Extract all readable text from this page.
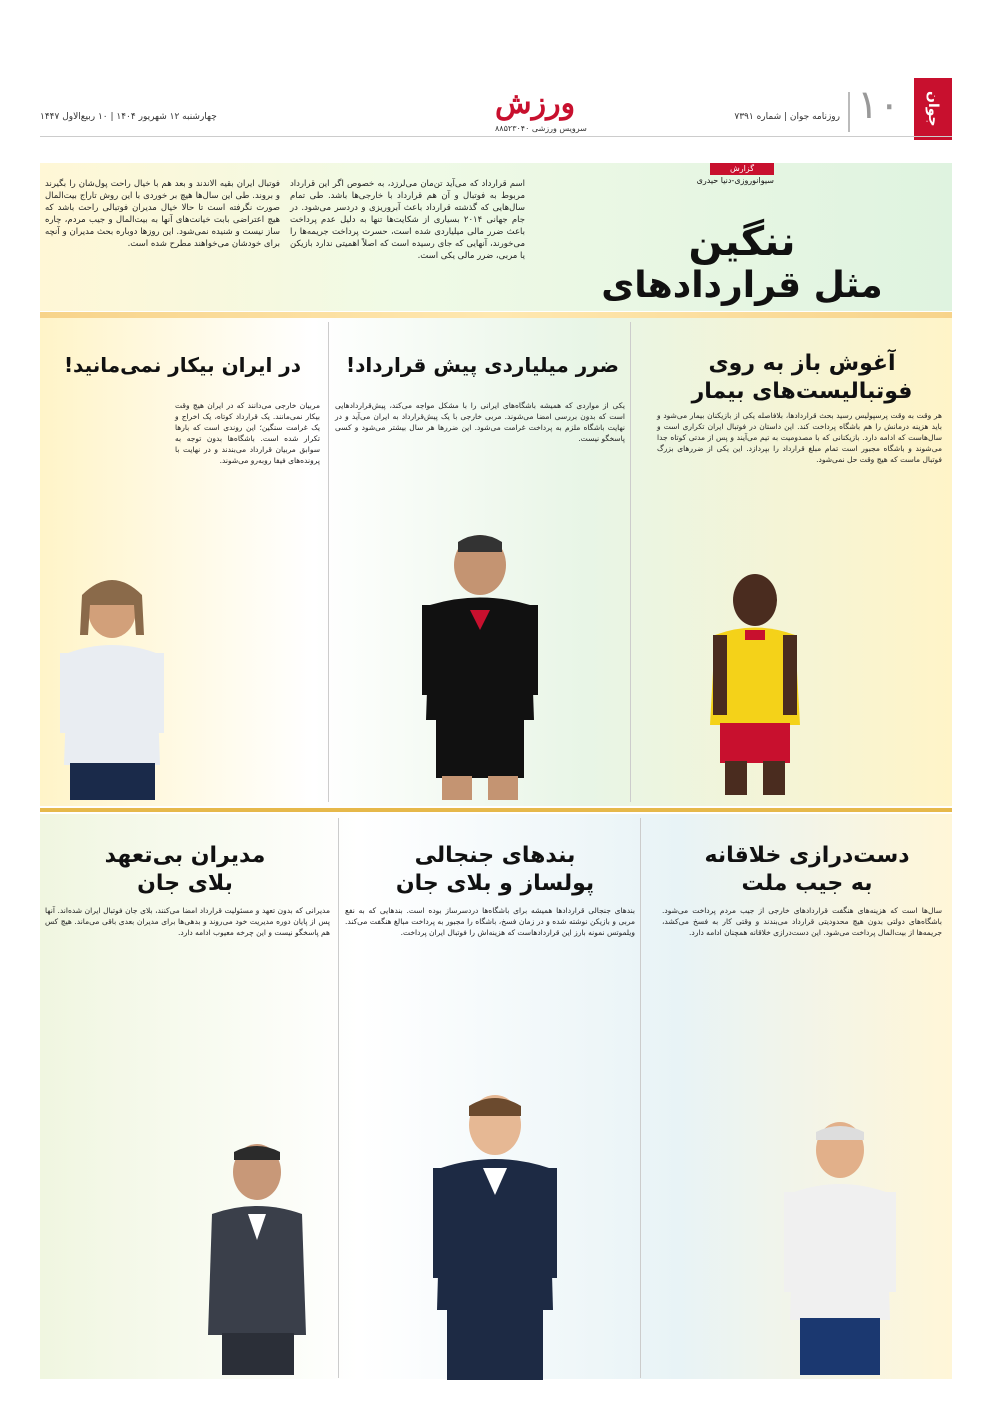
جوان
۱۰
روزنامه جوان | شماره ۷۳۹۱
ورزش
سرویس ورزشی ۸۸۵۲۳۰۴۰
چهارشنبه ۱۲ شهریور ۱۴۰۴ | ۱۰ ربیع‌الاول ۱۴۴۷
گزارش
سیوانوروزی-دنیا حیدری
ننگین
مثل قراردادهای
اسم قرارداد که می‌آید تن‌مان می‌لرزد، به خصوص اگر این قرارداد مربوط به فوتبال و آن هم قرارداد با خارجی‌ها باشد. طی تمام سال‌هایی که گذشته قرارداد باعث آبروریزی و دردسر می‌شود. در جام جهانی ۲۰۱۴ بسیاری از شکایت‌ها تنها به دلیل عدم پرداخت باعث ضرر مالی میلیاردی شده است، حسرت پرداخت جریمه‌ها را می‌خورند، آنهایی که جای رسیده است که اصلاً اهمیتی ندارد بازیکن یا مربی، ضرر مالی یکی است.
فوتبال ایران بقیه الاندند و بعد هم با خیال راحت پول‌شان را بگیرند و بروند. طی این سال‌ها هیچ بر خوردی با این روش تاراج بیت‌المال صورت نگرفته است تا حالا خیال مدیران فوتبالی راحت باشد که هیچ اعتراضی بابت خیانت‌های آنها به بیت‌المال و جیب مردم، چاره ساز نیست و شنیده نمی‌شود. این روزها دوباره بحث مدیران و آنچه برای خودشان می‌خواهند مطرح شده است.
آغوش باز به روی
فوتبالیست‌های بیمار
هر وقت به وقت پرسپولیس رسید بحث قراردادها، بلافاصله یکی از بازیکنان بیمار می‌شود و باید هزینه درمانش را هم باشگاه پرداخت کند. این داستان در فوتبال ایران تکراری است و سال‌هاست که ادامه دارد. بازیکنانی که با مصدومیت به تیم می‌آیند و پس از مدتی کوتاه جدا می‌شوند و باشگاه مجبور است تمام مبلغ قرارداد را بپردازد. این یکی از ضررهای بزرگ فوتبال ماست که هیچ وقت حل نمی‌شود.
ضرر میلیاردی پیش قرارداد!
یکی از مواردی که همیشه باشگاه‌های ایرانی را با مشکل مواجه می‌کند، پیش‌قراردادهایی است که بدون بررسی امضا می‌شوند. مربی خارجی با یک پیش‌قرارداد به ایران می‌آید و در نهایت باشگاه ملزم به پرداخت غرامت می‌شود. این ضررها هر سال بیشتر می‌شود و کسی پاسخگو نیست.
در ایران بیکار نمی‌مانید!
مربیان خارجی می‌دانند که در ایران هیچ وقت بیکار نمی‌مانند. یک قرارداد کوتاه، یک اخراج و یک غرامت سنگین؛ این روندی است که بارها تکرار شده است. باشگاه‌ها بدون توجه به سوابق مربیان قرارداد می‌بندند و در نهایت با پرونده‌های فیفا روبه‌رو می‌شوند.
دست‌درازی خلاقانه
به جیب ملت
سال‌ها است که هزینه‌های هنگفت قراردادهای خارجی از جیب مردم پرداخت می‌شود. باشگاه‌های دولتی بدون هیچ محدودیتی قرارداد می‌بندند و وقتی کار به فسخ می‌کشد، جریمه‌ها از بیت‌المال پرداخت می‌شود. این دست‌درازی خلاقانه همچنان ادامه دارد.
بندهای جنجالی
پولساز و بلای جان
بندهای جنجالی قراردادها همیشه برای باشگاه‌ها دردسرساز بوده است. بندهایی که به نفع مربی و بازیکن نوشته شده و در زمان فسخ، باشگاه را مجبور به پرداخت مبالغ هنگفت می‌کند. ویلموتس نمونه بارز این قراردادهاست که هزینه‌اش را فوتبال ایران پرداخت.
مدیران بی‌تعهد
بلای جان
مدیرانی که بدون تعهد و مسئولیت قرارداد امضا می‌کنند، بلای جان فوتبال ایران شده‌اند. آنها پس از پایان دوره مدیریت خود می‌روند و بدهی‌ها برای مدیران بعدی باقی می‌ماند. هیچ کس هم پاسخگو نیست و این چرخه معیوب ادامه دارد.
